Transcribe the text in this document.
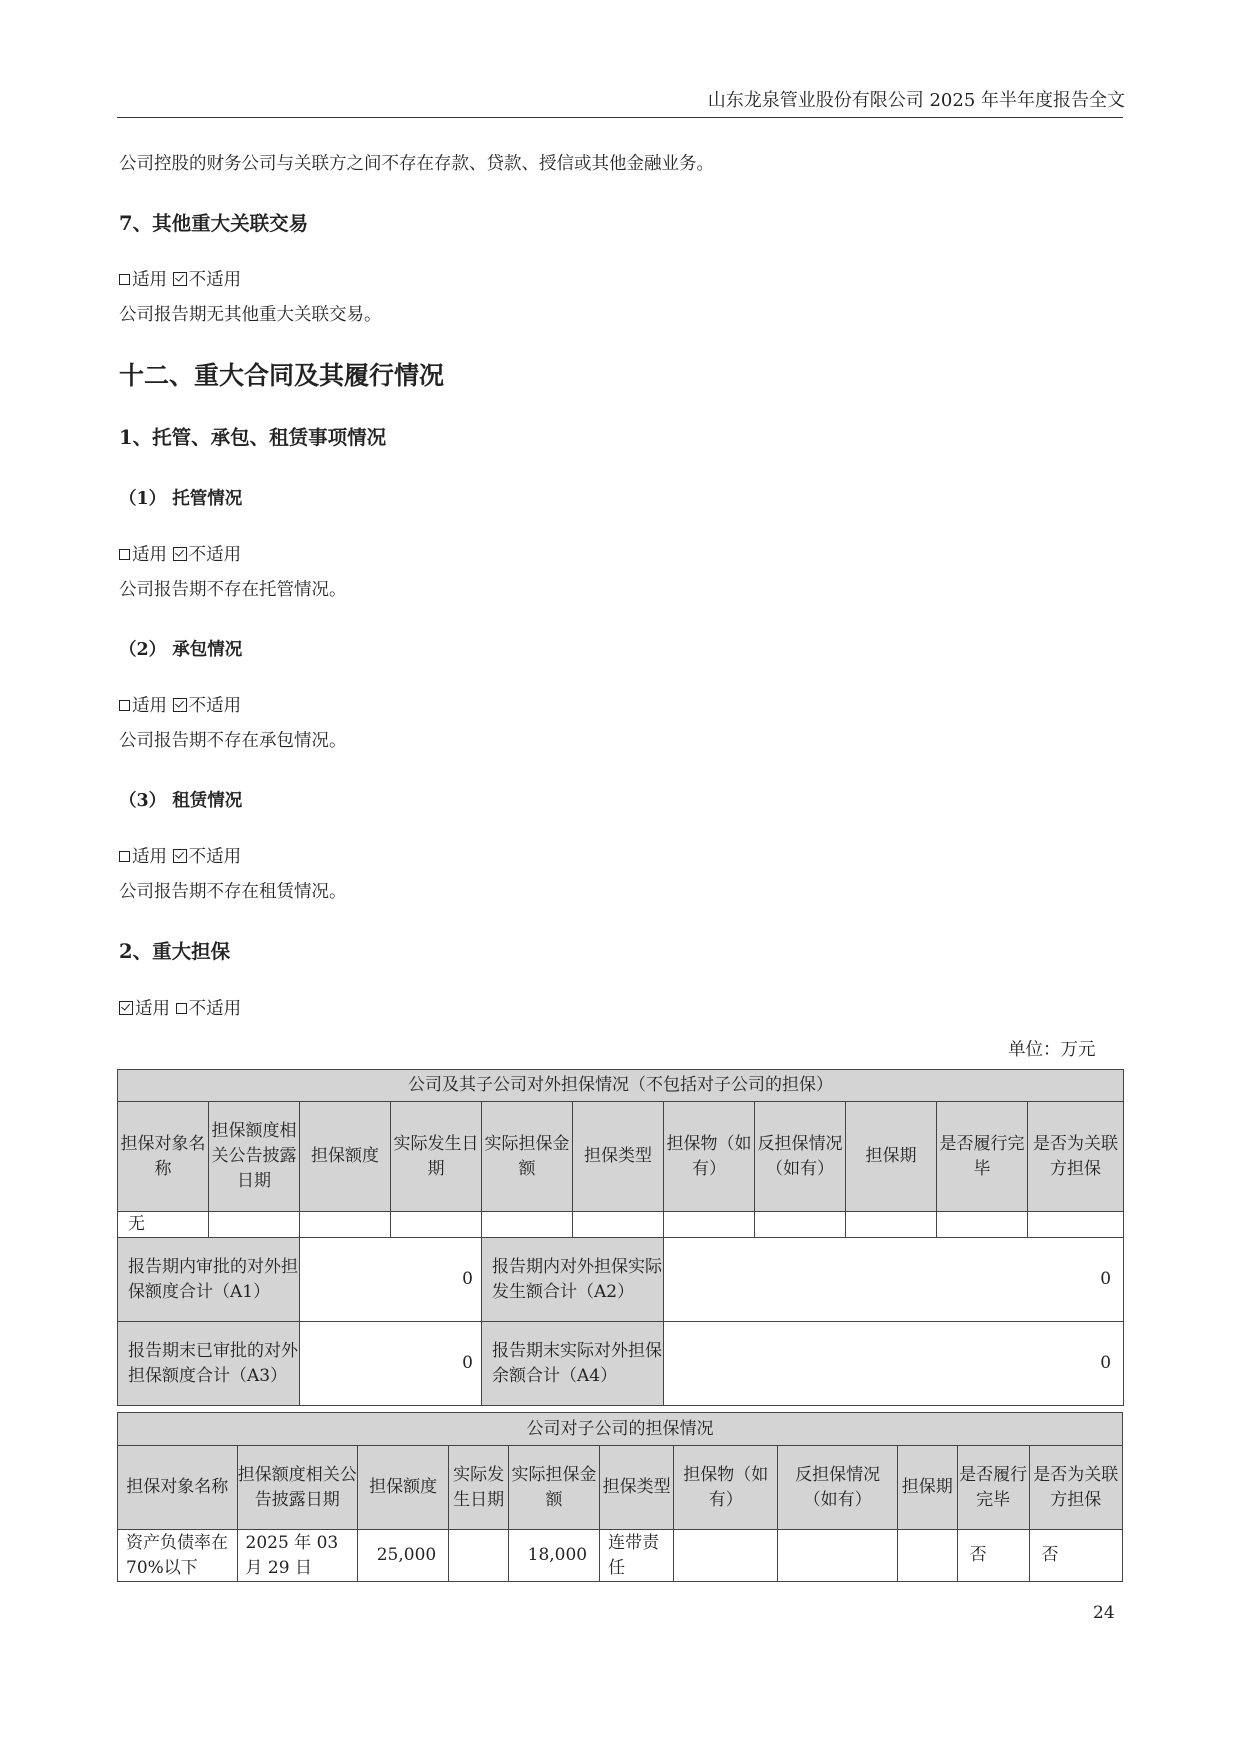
山东龙泉管业股份有限公司 2025 年半年度报告全文
公司控股的财务公司与关联方之间不存在存款、贷款、授信或其他金融业务。
7、其他重大关联交易
适用 不适用
公司报告期无其他重大关联交易。
十二、重大合同及其履行情况
1、托管、承包、租赁事项情况
（1） 托管情况
适用 不适用
公司报告期不存在托管情况。
（2） 承包情况
适用 不适用
公司报告期不存在承包情况。
（3） 租赁情况
适用 不适用
公司报告期不存在租赁情况。
2、重大担保
适用 不适用
单位：万元
公司及其子公司对外担保情况（不包括对子公司的担保）										
担保对象名称	担保额度相关公告披露日期	担保额度	实际发生日期	实际担保金额	担保类型	担保物（如有）	反担保情况（如有）	担保期	是否履行完毕	是否为关联方担保
无										
报告期内审批的对外担保额度合计（A1）		0		报告期内对外担保实际发生额合计（A2）		0				
报告期末已审批的对外担保额度合计（A3）		0		报告期末实际对外担保余额合计（A4）		0				
公司对子公司的担保情况										
担保对象名称	担保额度相关公告披露日期	担保额度	实际发生日期	实际担保金额	担保类型	担保物（如有）	反担保情况（如有）	担保期	是否履行完毕	是否为关联方担保
资产负债率在 70%以下	2025 年 03 月 29 日	25,000		18,000	连带责任				否	否
24
